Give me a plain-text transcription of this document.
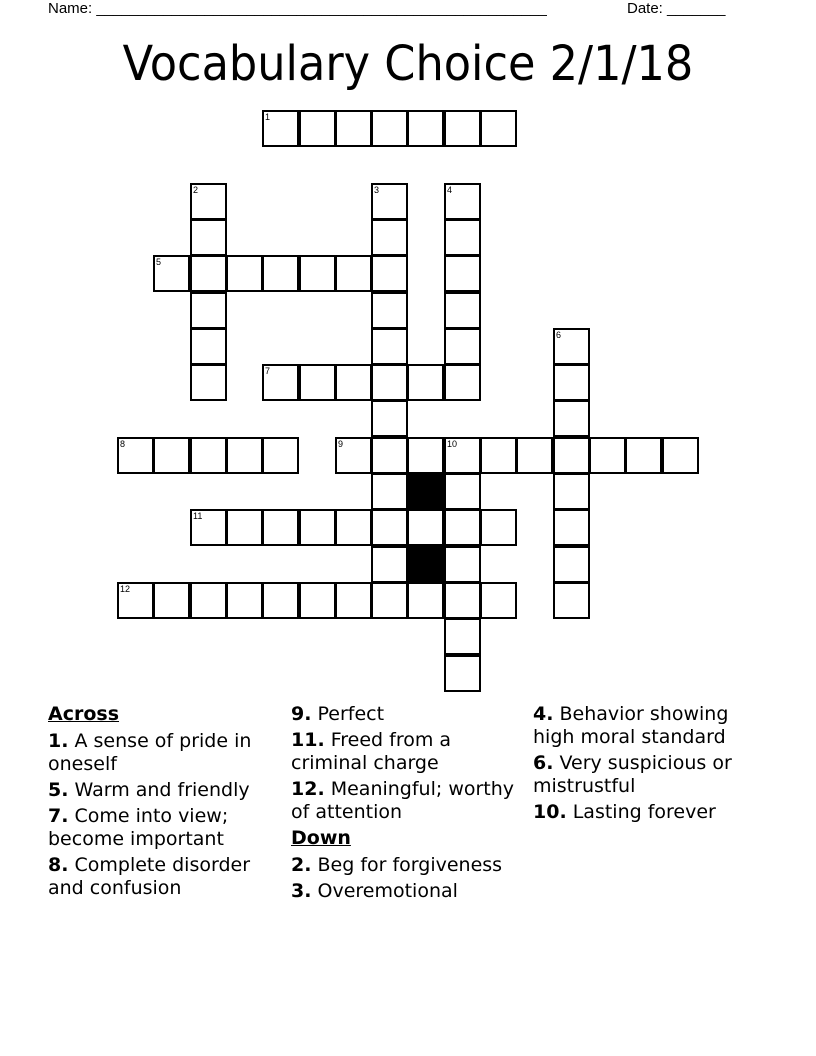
Name: ______________________________________________________	Date: _______
Vocabulary Choice 2/1/18
1
5
7
8	9	10
11
12
2	3	4
6
Across
1. A sense of pride in oneself
5. Warm and friendly
7. Come into view; become important
8. Complete disorder and confusion
9. Perfect
11. Freed from a criminal charge
12. Meaningful; worthy of attention
Down
2. Beg for forgiveness
3. Overemotional
4. Behavior showing high moral standard
6. Very suspicious or mistrustful
10. Lasting forever
